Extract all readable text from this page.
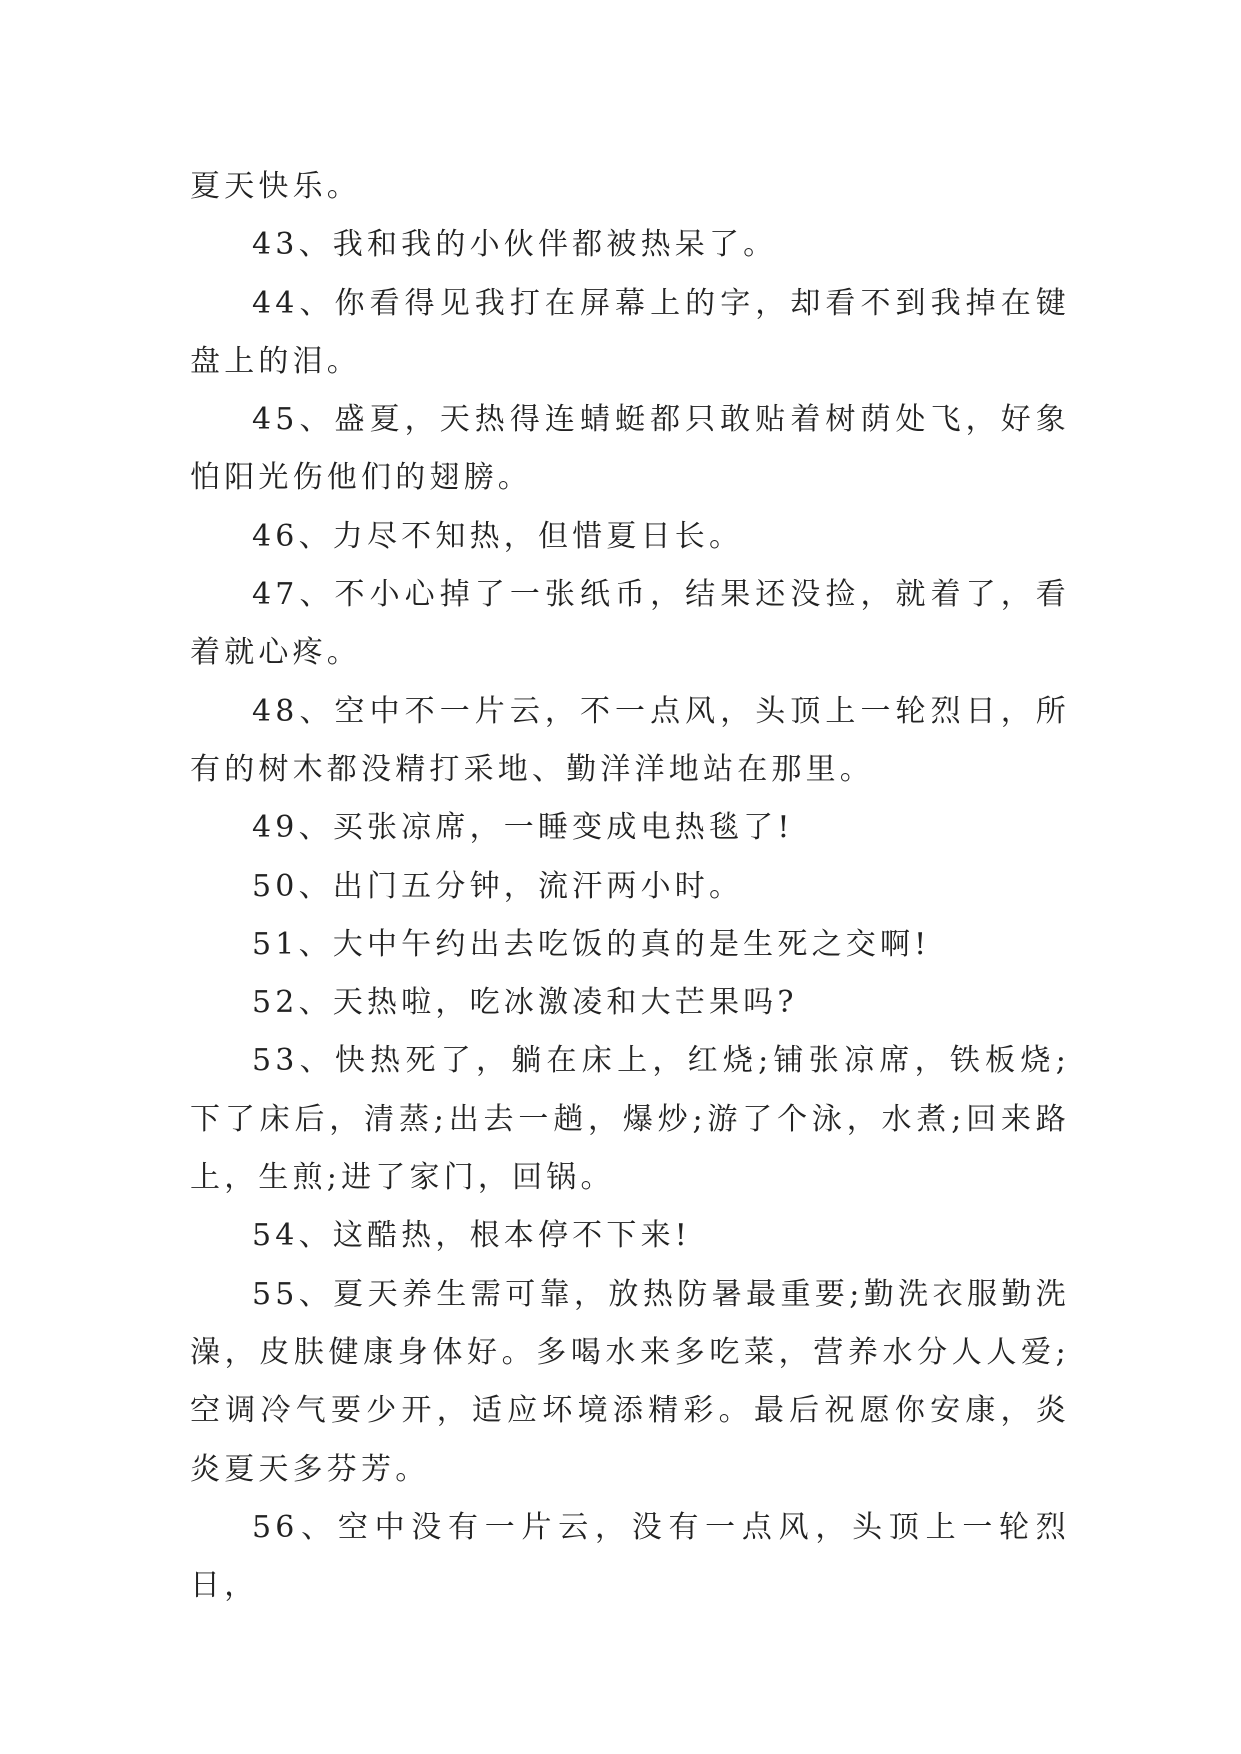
夏天快乐。

43、我和我的小伙伴都被热呆了。

44、你看得见我打在屏幕上的字，却看不到我掉在键盘上的泪。

45、盛夏，天热得连蜻蜓都只敢贴着树荫处飞，好象怕阳光伤他们的翅膀。

46、力尽不知热，但惜夏日长。

47、不小心掉了一张纸币，结果还没捡，就着了，看着就心疼。

48、空中不一片云，不一点风，头顶上一轮烈日，所有的树木都没精打采地、勤洋洋地站在那里。

49、买张凉席，一睡变成电热毯了!

50、出门五分钟，流汗两小时。

51、大中午约出去吃饭的真的是生死之交啊!

52、天热啦，吃冰激凌和大芒果吗?

53、快热死了，躺在床上，红烧;铺张凉席，铁板烧;下了床后，清蒸;出去一趟，爆炒;游了个泳，水煮;回来路上，生煎;进了家门，回锅。

54、这酷热，根本停不下来!

55、夏天养生需可靠，放热防暑最重要;勤洗衣服勤洗澡，皮肤健康身体好。多喝水来多吃菜，营养水分人人爱;空调冷气要少开，适应坏境添精彩。最后祝愿你安康，炎炎夏天多芬芳。

56、空中没有一片云，没有一点风，头顶上一轮烈日，
